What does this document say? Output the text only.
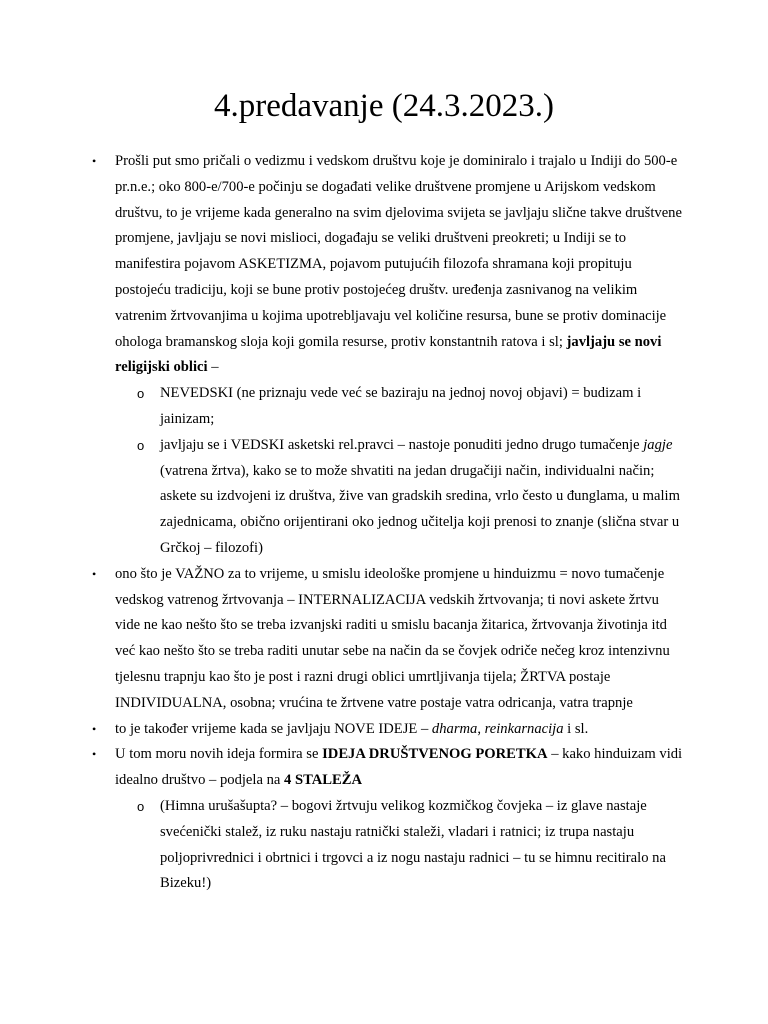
4.predavanje (24.3.2023.)
• Prošli put smo pričali o vedizmu i vedskom društvu koje je dominiralo i trajalo u Indiji do 500-e pr.n.e.; oko 800-e/700-e počinju se događati velike društvene promjene u Arijskom vedskom društvu, to je vrijeme kada generalno na svim djelovima svijeta se javljaju slične takve društvene promjene, javljaju se novi mislioci, događaju se veliki društveni preokreti; u Indiji se to manifestira pojavom ASKETIZMA, pojavom putujućih filozofa shramana koji propituju postojeću tradiciju, koji se bune protiv postojećeg društv. uređenja zasnivanog na velikim vatrenim žrtvovanjima u kojima upotrebljavaju vel količine resursa, bune se protiv dominacije ohologa bramanskog sloja koji gomila resurse, protiv konstantnih ratova i sl; javljaju se novi religijski oblici –
o NEVEDSKI (ne priznaju vede već se baziraju na jednoj novoj objavi) = budizam i jainizam;
o javljaju se i VEDSKI asketski rel.pravci – nastoje ponuditi jedno drugo tumačenje jagje (vatrena žrtva), kako se to može shvatiti na jedan drugačiji način, individualni način; askete su izdvojeni iz društva, žive van gradskih sredina, vrlo često u đunglama, u malim zajednicama, obično orijentirani oko jednog učitelja koji prenosi to znanje (slična stvar u Grčkoj – filozofi)
• ono što je VAŽNO za to vrijeme, u smislu ideološke promjene u hinduizmu = novo tumačenje vedskog vatrenog žrtvovanja – INTERNALIZACIJA vedskih žrtvovanja; ti novi askete žrtvu vide ne kao nešto što se treba izvanjski raditi u smislu bacanja žitarica, žrtvovanja životinja itd već kao nešto što se treba raditi unutar sebe na način da se čovjek odriče nečeg kroz intenzivnu tjelesnu trapnju kao što je post i razni drugi oblici umrtljivanja tijela; ŽRTVA postaje INDIVIDUALNA, osobna; vrućina te žrtvene vatre postaje vatra odricanja, vatra trapnje
• to je također vrijeme kada se javljaju NOVE IDEJE – dharma, reinkarnacija i sl.
• U tom moru novih ideja formira se IDEJA DRUŠTVENOG PORETKA – kako hinduizam vidi idealno društvo – podjela na 4 STALEŽA
o (Himna urušašupta? – bogovi žrtvuju velikog kozmičkog čovjeka – iz glave nastaje svećenički stalež, iz ruku nastaju ratnički staleži, vladari i ratnici; iz trupa nastaju poljoprivrednici i obrtnici i trgovci a iz nogu nastaju radnici – tu se himnu recitiralo na Bizeku!)
